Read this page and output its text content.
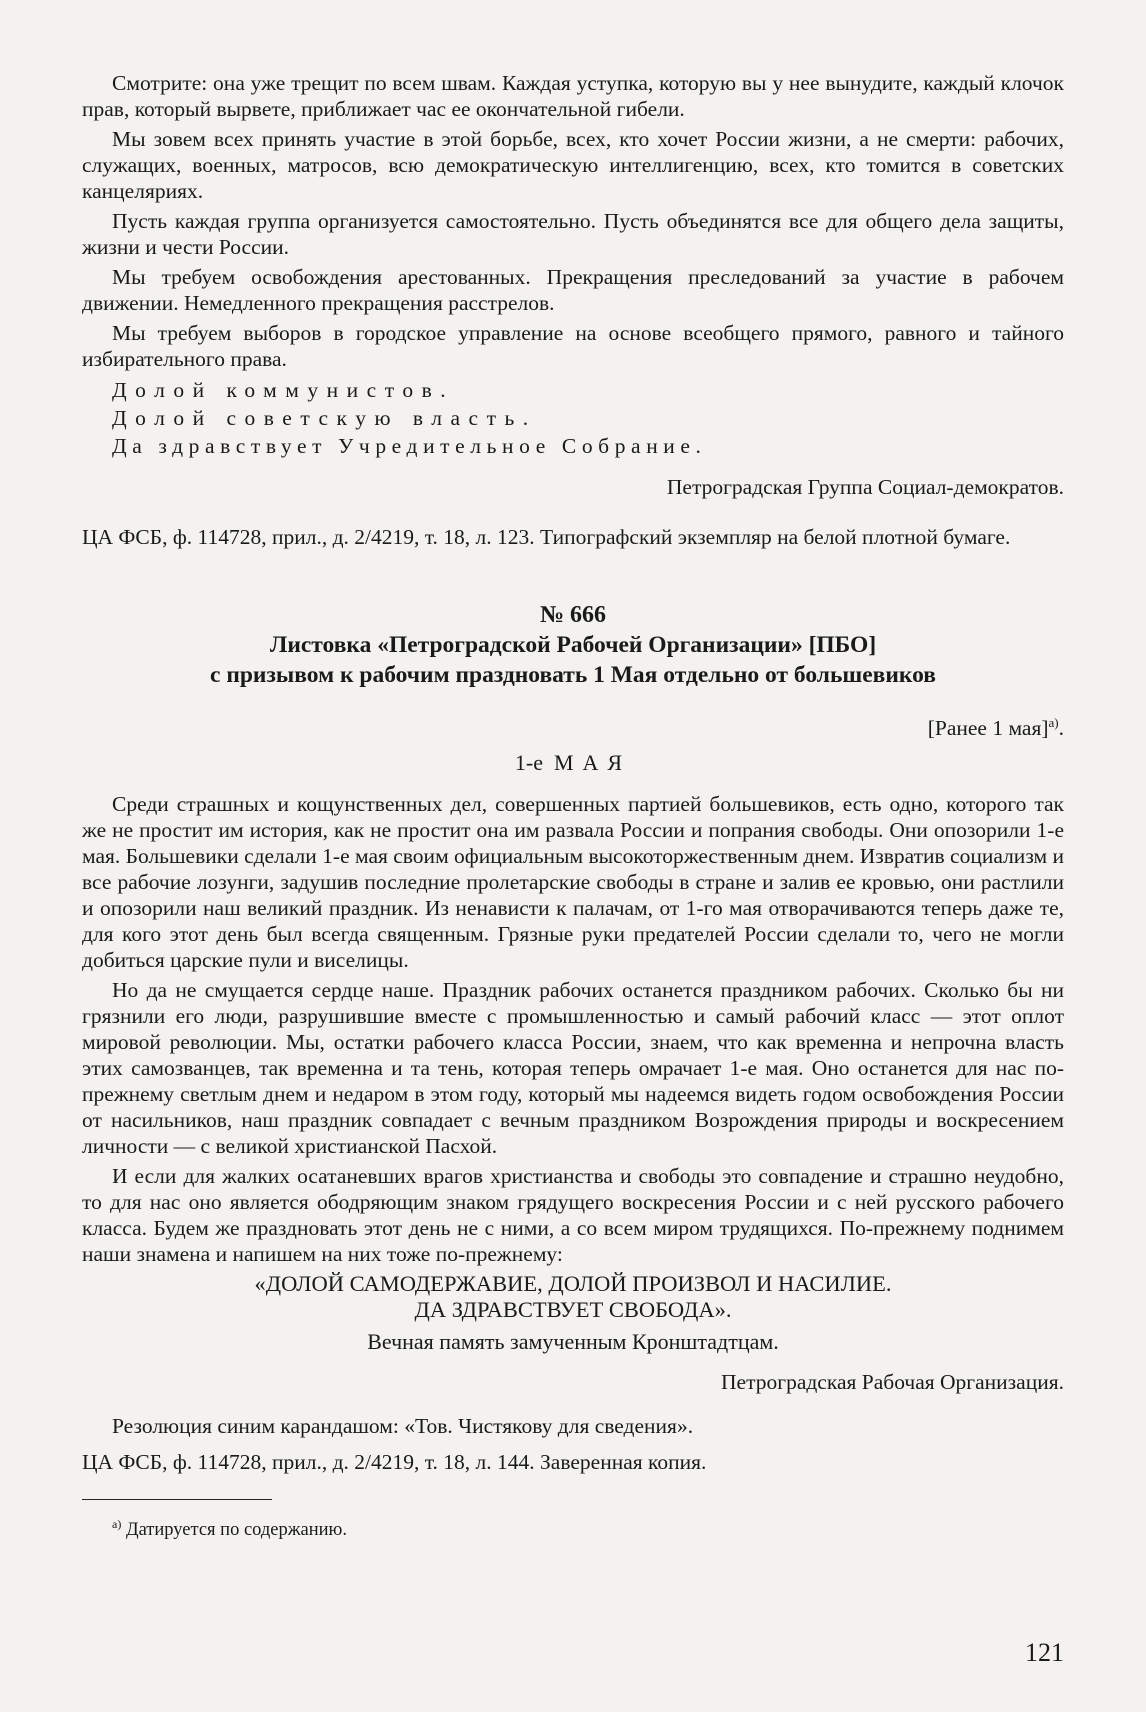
Смотрите: она уже трещит по всем швам. Каждая уступка, которую вы у нее вынудите, каждый клочок прав, который вырвете, приближает час ее окончательной гибели.

Мы зовем всех принять участие в этой борьбе, всех, кто хочет России жизни, а не смерти: рабочих, служащих, военных, матросов, всю демократическую интеллигенцию, всех, кто томится в советских канцеляриях.

Пусть каждая группа организуется самостоятельно. Пусть объединятся все для общего дела защиты, жизни и чести России.

Мы требуем освобождения арестованных. Прекращения преследований за участие в рабочем движении. Немедленного прекращения расстрелов.

Мы требуем выборов в городское управление на основе всеобщего прямого, равного и тайного избирательного права.

Долой коммунистов.

Долой советскую власть.

Да здравствует Учредительное Собрание.

Петроградская Группа Социал-демократов.

ЦА ФСБ, ф. 114728, прил., д. 2/4219, т. 18, л. 123. Типографский экземпляр на белой плотной бумаге.

№ 666
Листовка «Петроградской Рабочей Организации» [ПБО]
с призывом к рабочим праздновать 1 Мая отдельно от большевиков

[Ранее 1 мая]$^{а)}$.

1-е МАЯ

Среди страшных и кощунственных дел, совершенных партией большевиков, есть одно, которого так же не простит им история, как не простит она им развала России и попрания свободы. Они опозорили 1-е мая. Большевики сделали 1-е мая своим официальным высокоторжественным днем. Извратив социализм и все рабочие лозунги, задушив последние пролетарские свободы в стране и залив ее кровью, они растлили и опозорили наш великий праздник. Из ненависти к палачам, от 1-го мая отворачиваются теперь даже те, для кого этот день был всегда священным. Грязные руки предателей России сделали то, чего не могли добиться царские пули и виселицы.

Но да не смущается сердце наше. Праздник рабочих останется праздником рабочих. Сколько бы ни грязнили его люди, разрушившие вместе с промышленностью и самый рабочий класс — этот оплот мировой революции. Мы, остатки рабочего класса России, знаем, что как временна и непрочна власть этих самозванцев, так временна и та тень, которая теперь омрачает 1-е мая. Оно останется для нас по-прежнему светлым днем и недаром в этом году, который мы надеемся видеть годом освобождения России от насильников, наш праздник совпадает с вечным праздником Возрождения природы и воскресением личности — с великой христианской Пасхой.

И если для жалких осатаневших врагов христианства и свободы это совпадение и страшно неудобно, то для нас оно является ободряющим знаком грядущего воскресения России и с ней русского рабочего класса. Будем же праздновать этот день не с ними, а со всем миром трудящихся. По-прежнему поднимем наши знамена и напишем на них тоже по-прежнему:

«ДОЛОЙ САМОДЕРЖАВИЕ, ДОЛОЙ ПРОИЗВОЛ И НАСИЛИЕ.

ДА ЗДРАВСТВУЕТ СВОБОДА».

Вечная память замученным Кронштадтцам.

Петроградская Рабочая Организация.

Резолюция синим карандашом: «Тов. Чистякову для сведения».

ЦА ФСБ, ф. 114728, прил., д. 2/4219, т. 18, л. 144. Заверенная копия.

$^{а)}$ Датируется по содержанию.

121
